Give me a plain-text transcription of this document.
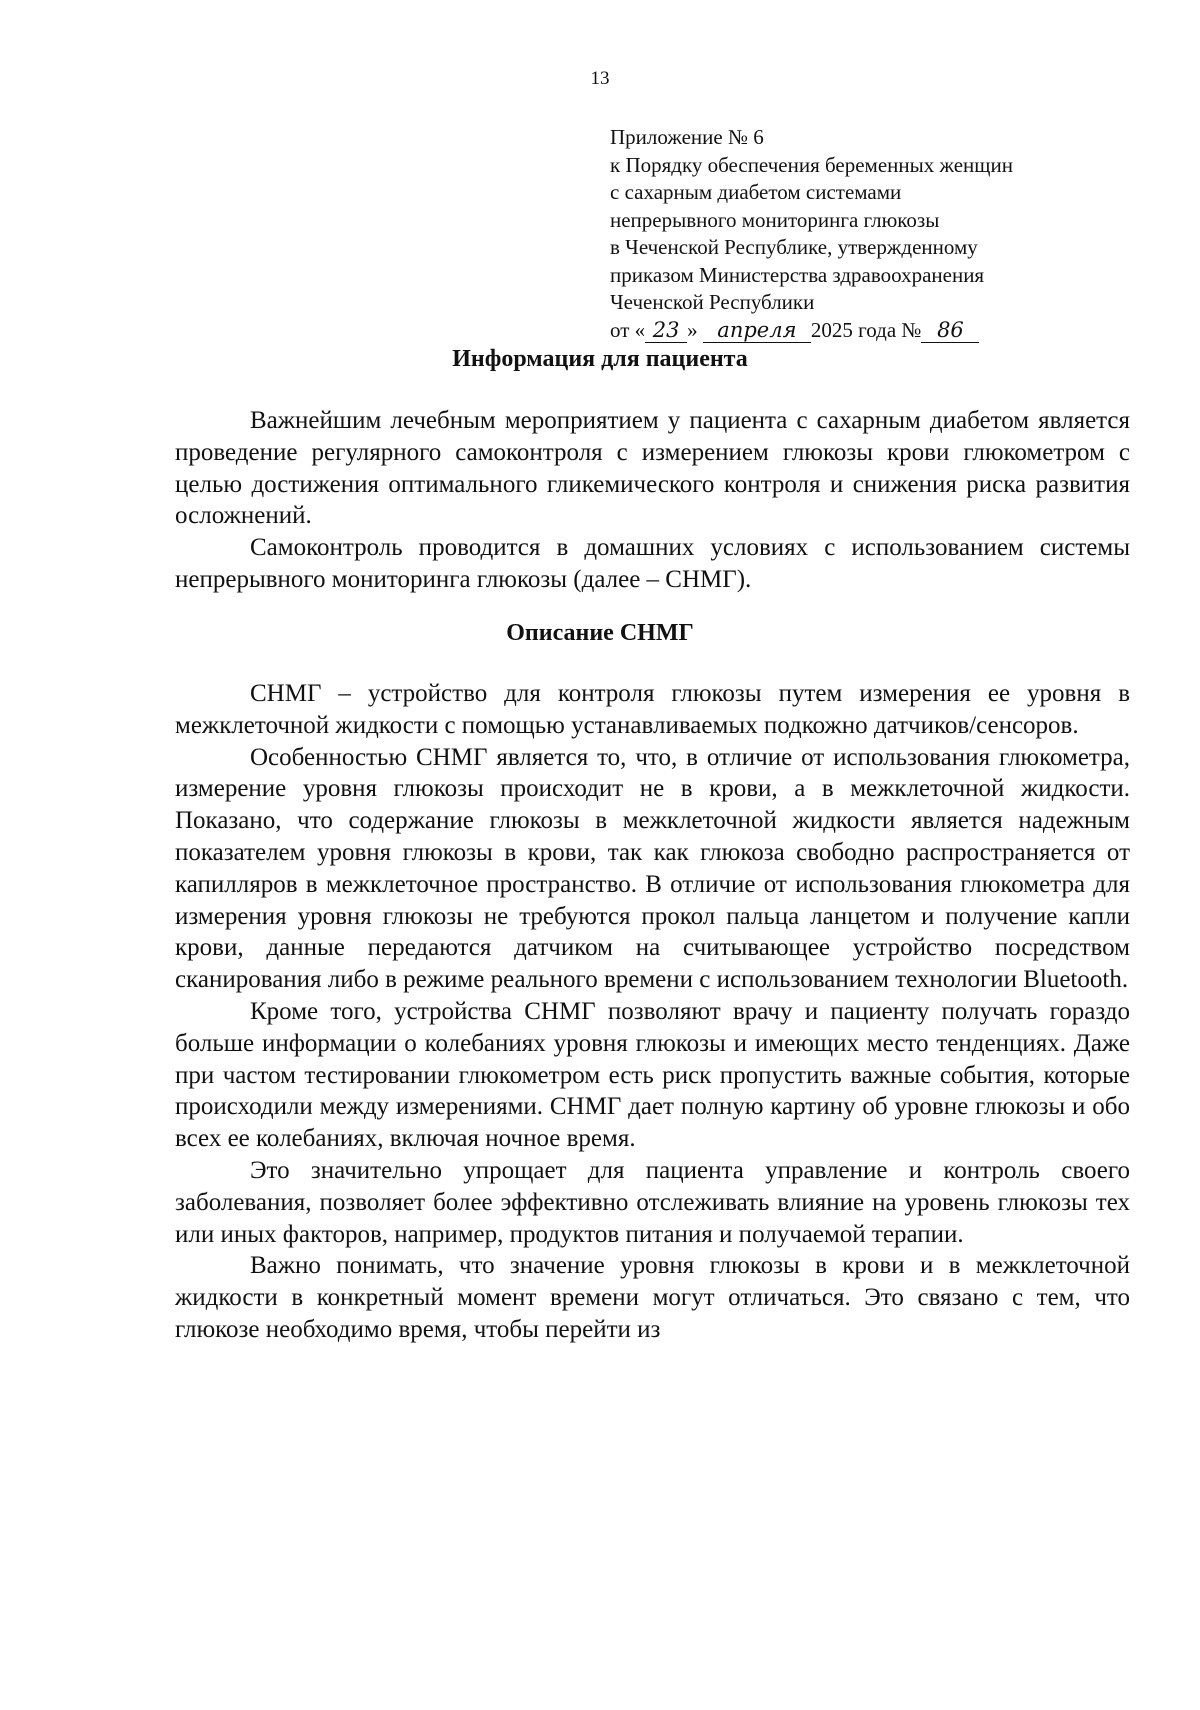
13
Приложение № 6
к Порядку обеспечения беременных женщин
с сахарным диабетом системами
непрерывного мониторинга глюкозы
в Чеченской Республике, утвержденному
приказом Министерства здравоохранения
Чеченской Республики
от « 23 » апреля 2025 года № 86
Информация для пациента

Важнейшим лечебным мероприятием у пациента с сахарным диабетом является проведение регулярного самоконтроля с измерением глюкозы крови глюкометром с целью достижения оптимального гликемического контроля и снижения риска развития осложнений.

Самоконтроль проводится в домашних условиях с использованием системы непрерывного мониторинга глюкозы (далее – СНМГ).

Описание СНМГ

СНМГ – устройство для контроля глюкозы путем измерения ее уровня в межклеточной жидкости с помощью устанавливаемых подкожно датчиков/сенсоров.

Особенностью СНМГ является то, что, в отличие от использования глюкометра, измерение уровня глюкозы происходит не в крови, а в межклеточной жидкости. Показано, что содержание глюкозы в межклеточной жидкости является надежным показателем уровня глюкозы в крови, так как глюкоза свободно распространяется от капилляров в межклеточное пространство. В отличие от использования глюкометра для измерения уровня глюкозы не требуются прокол пальца ланцетом и получение капли крови, данные передаются датчиком на считывающее устройство посредством сканирования либо в режиме реального времени с использованием технологии Bluetooth.

Кроме того, устройства СНМГ позволяют врачу и пациенту получать гораздо больше информации о колебаниях уровня глюкозы и имеющих место тенденциях. Даже при частом тестировании глюкометром есть риск пропустить важные события, которые происходили между измерениями. СНМГ дает полную картину об уровне глюкозы и обо всех ее колебаниях, включая ночное время.

Это значительно упрощает для пациента управление и контроль своего заболевания, позволяет более эффективно отслеживать влияние на уровень глюкозы тех или иных факторов, например, продуктов питания и получаемой терапии.

Важно понимать, что значение уровня глюкозы в крови и в межклеточной жидкости в конкретный момент времени могут отличаться. Это связано с тем, что глюкозе необходимо время, чтобы перейти из
